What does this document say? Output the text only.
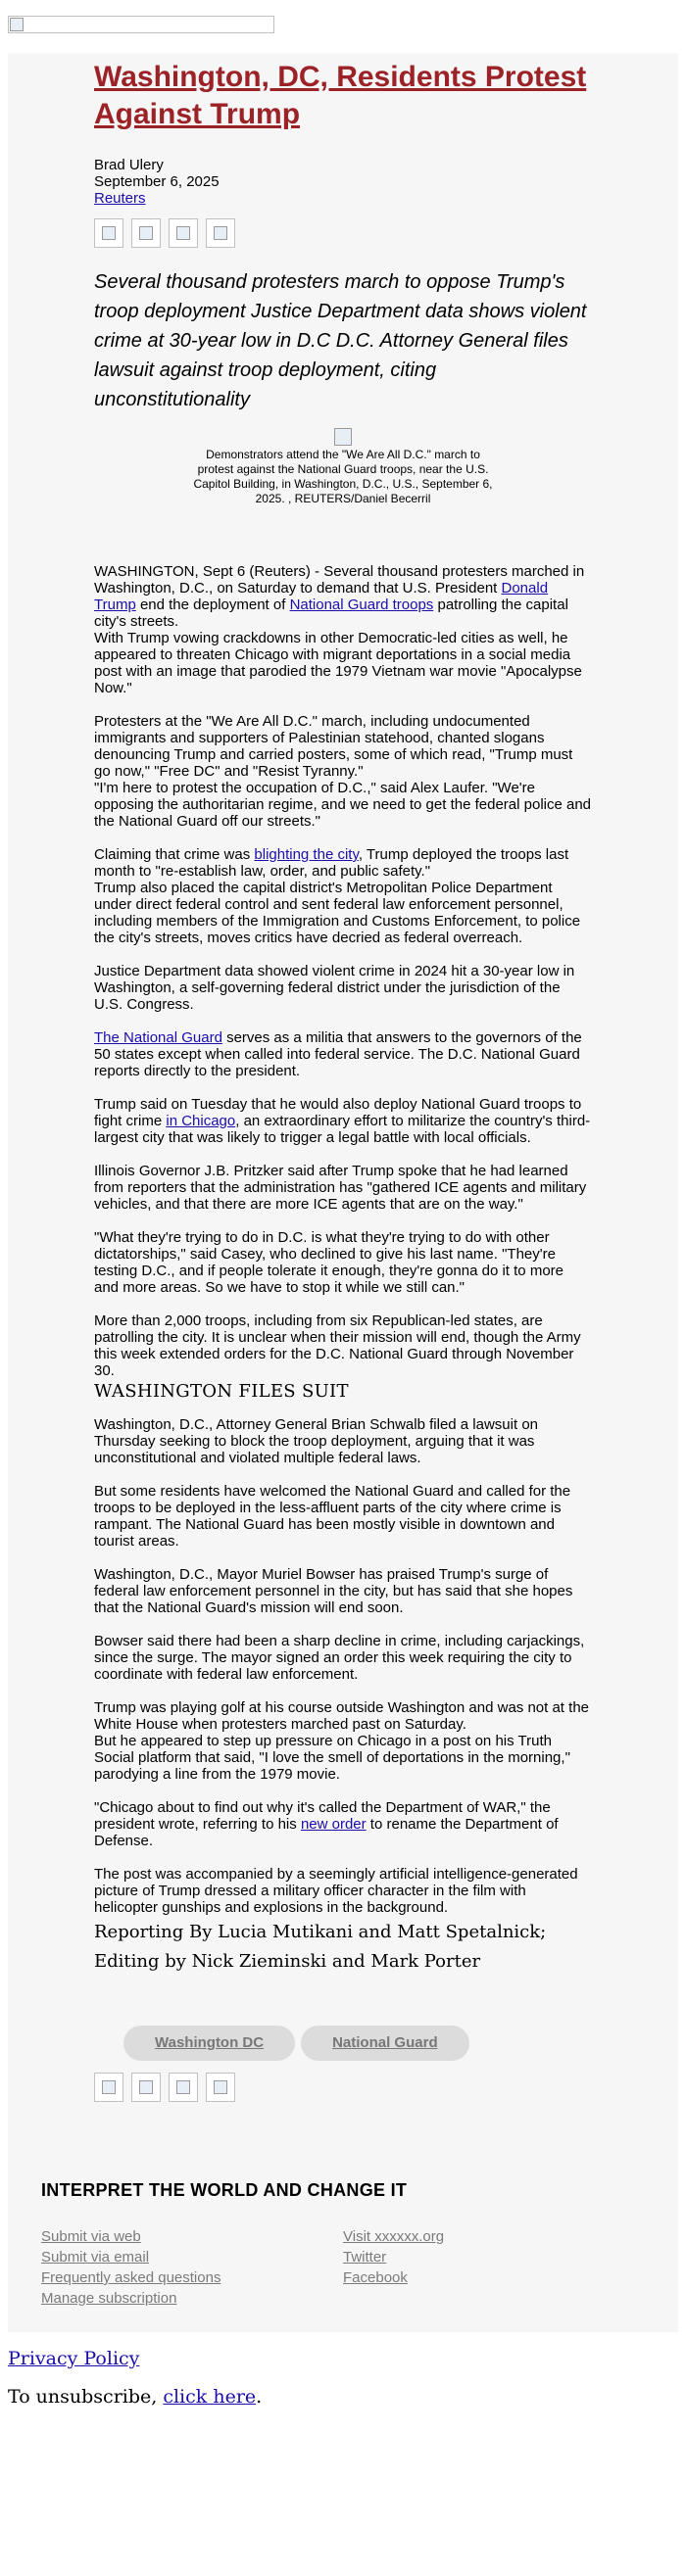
Washington, DC, Residents Protest Against Trump
Brad Ulery
September 6, 2025
Reuters
Several thousand protesters march to oppose Trump's troop deployment Justice Department data shows violent crime at 30-year low in D.C D.C. Attorney General files lawsuit against troop deployment, citing unconstitutionality
Demonstrators attend the "We Are All D.C." march to protest against the National Guard troops, near the U.S. Capitol Building, in Washington, D.C., U.S., September 6, 2025. , REUTERS/Daniel Becerril

WASHINGTON, Sept 6 (Reuters) - Several thousand protesters marched in Washington, D.C., on Saturday to demand that U.S. President Donald Trump end the deployment of National Guard troops patrolling the capital city's streets.

With Trump vowing crackdowns in other Democratic-led cities as well, he appeared to threaten Chicago with migrant deportations in a social media post with an image that parodied the 1979 Vietnam war movie "Apocalypse Now."

Protesters at the "We Are All D.C." march, including undocumented immigrants and supporters of Palestinian statehood, chanted slogans denouncing Trump and carried posters, some of which read, "Trump must go now," "Free DC" and "Resist Tyranny."

"I'm here to protest the occupation of D.C.," said Alex Laufer. "We're opposing the authoritarian regime, and we need to get the federal police and the National Guard off our streets."

Claiming that crime was blighting the city, Trump deployed the troops last month to "re-establish law, order, and public safety."

Trump also placed the capital district's Metropolitan Police Department under direct federal control and sent federal law enforcement personnel, including members of the Immigration and Customs Enforcement, to police the city's streets, moves critics have decried as federal overreach.

Justice Department data showed violent crime in 2024 hit a 30-year low in Washington, a self-governing federal district under the jurisdiction of the U.S. Congress.

The National Guard serves as a militia that answers to the governors of the 50 states except when called into federal service. The D.C. National Guard reports directly to the president.

Trump said on Tuesday that he would also deploy National Guard troops to fight crime in Chicago, an extraordinary effort to militarize the country's third-largest city that was likely to trigger a legal battle with local officials.

Illinois Governor J.B. Pritzker said after Trump spoke that he had learned from reporters that the administration has "gathered ICE agents and military vehicles, and that there are more ICE agents that are on the way."

"What they're trying to do in D.C. is what they're trying to do with other dictatorships," said Casey, who declined to give his last name. "They're testing D.C., and if people tolerate it enough, they're gonna do it to more and more areas. So we have to stop it while we still can."

More than 2,000 troops, including from six Republican-led states, are patrolling the city. It is unclear when their mission will end, though the Army this week extended orders for the D.C. National Guard through November 30.

WASHINGTON FILES SUIT

Washington, D.C., Attorney General Brian Schwalb filed a lawsuit on Thursday seeking to block the troop deployment, arguing that it was unconstitutional and violated multiple federal laws.

But some residents have welcomed the National Guard and called for the troops to be deployed in the less-affluent parts of the city where crime is rampant. The National Guard has been mostly visible in downtown and tourist areas.

Washington, D.C., Mayor Muriel Bowser has praised Trump's surge of federal law enforcement personnel in the city, but has said that she hopes that the National Guard's mission will end soon.

Bowser said there had been a sharp decline in crime, including carjackings, since the surge. The mayor signed an order this week requiring the city to coordinate with federal law enforcement.

Trump was playing golf at his course outside Washington and was not at the White House when protesters marched past on Saturday.

But he appeared to step up pressure on Chicago in a post on his Truth Social platform that said, "I love the smell of deportations in the morning," parodying a line from the 1979 movie.

"Chicago about to find out why it's called the Department of WAR," the president wrote, referring to his new order to rename the Department of Defense.

The post was accompanied by a seemingly artificial intelligence-generated picture of Trump dressed a military officer character in the film with helicopter gunships and explosions in the background.

Reporting By Lucia Mutikani and Matt Spetalnick;
Editing by Nick Zieminski and Mark Porter
Washington DC	National Guard

INTERPRET THE WORLD AND CHANGE IT

Submit via web
Submit via email
Frequently asked questions
Manage subscription
Visit xxxxxx.org
Twitter
Facebook
Privacy Policy
To unsubscribe, click here.
